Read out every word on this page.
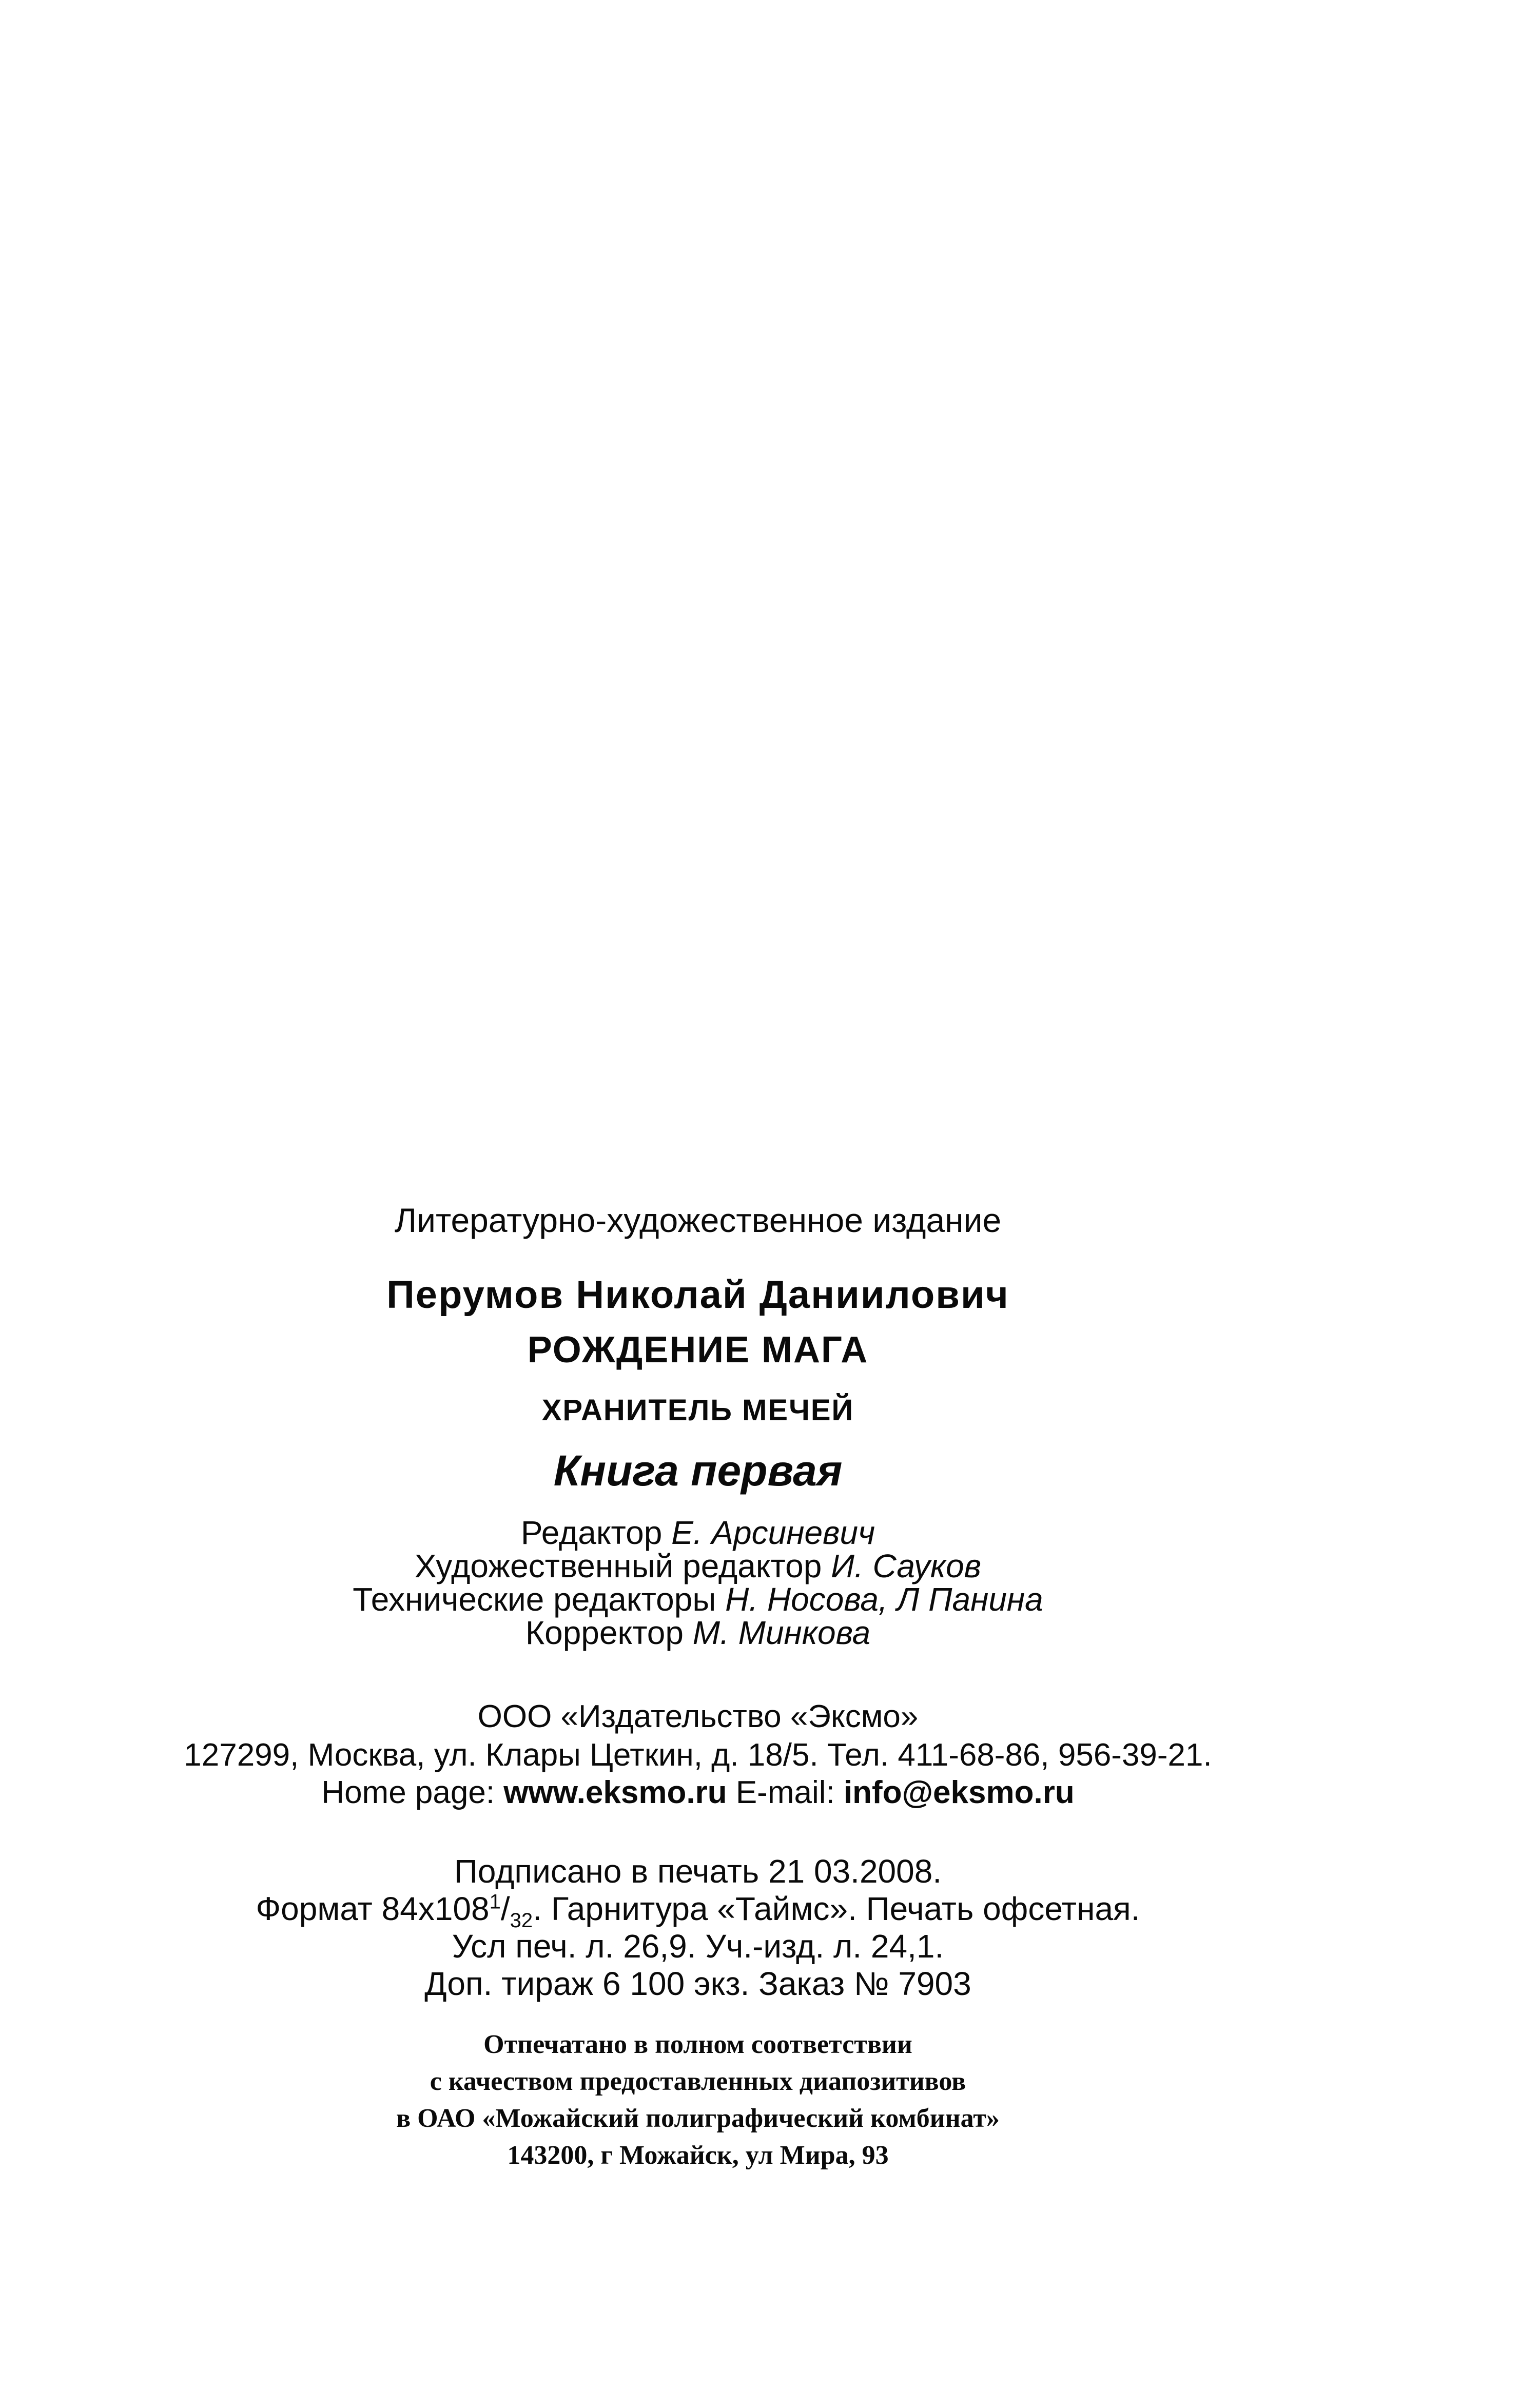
Литературно-художественное издание

Перумов Николай Даниилович

РОЖДЕНИЕ МАГА

ХРАНИТЕЛЬ МЕЧЕЙ

Книга первая

Редактор Е. Арсиневич

Художественный редактор И. Сауков

Технические редакторы Н. Носова, Л Панина

Корректор М. Минкова

ООО «Издательство «Эксмо»

127299, Москва, ул. Клары Цеткин, д. 18/5. Тел. 411-68-86, 956-39-21.

Home page: www.eksmo.ru E-mail: info@eksmo.ru

Подписано в печать 21 03.2008.

Формат $84x108^1/_{32}$. Гарнитура «Таймс». Печать офсетная.

Усл печ. л. 26,9. Уч.-изд. л. 24,1.

Доп. тираж 6 100 экз. Заказ № 7903

Отпечатано в полном соответствии

с качеством предоставленных диапозитивов

в ОАО «Можайский полиграфический комбинат»

143200, г Можайск, ул Мира, 93
